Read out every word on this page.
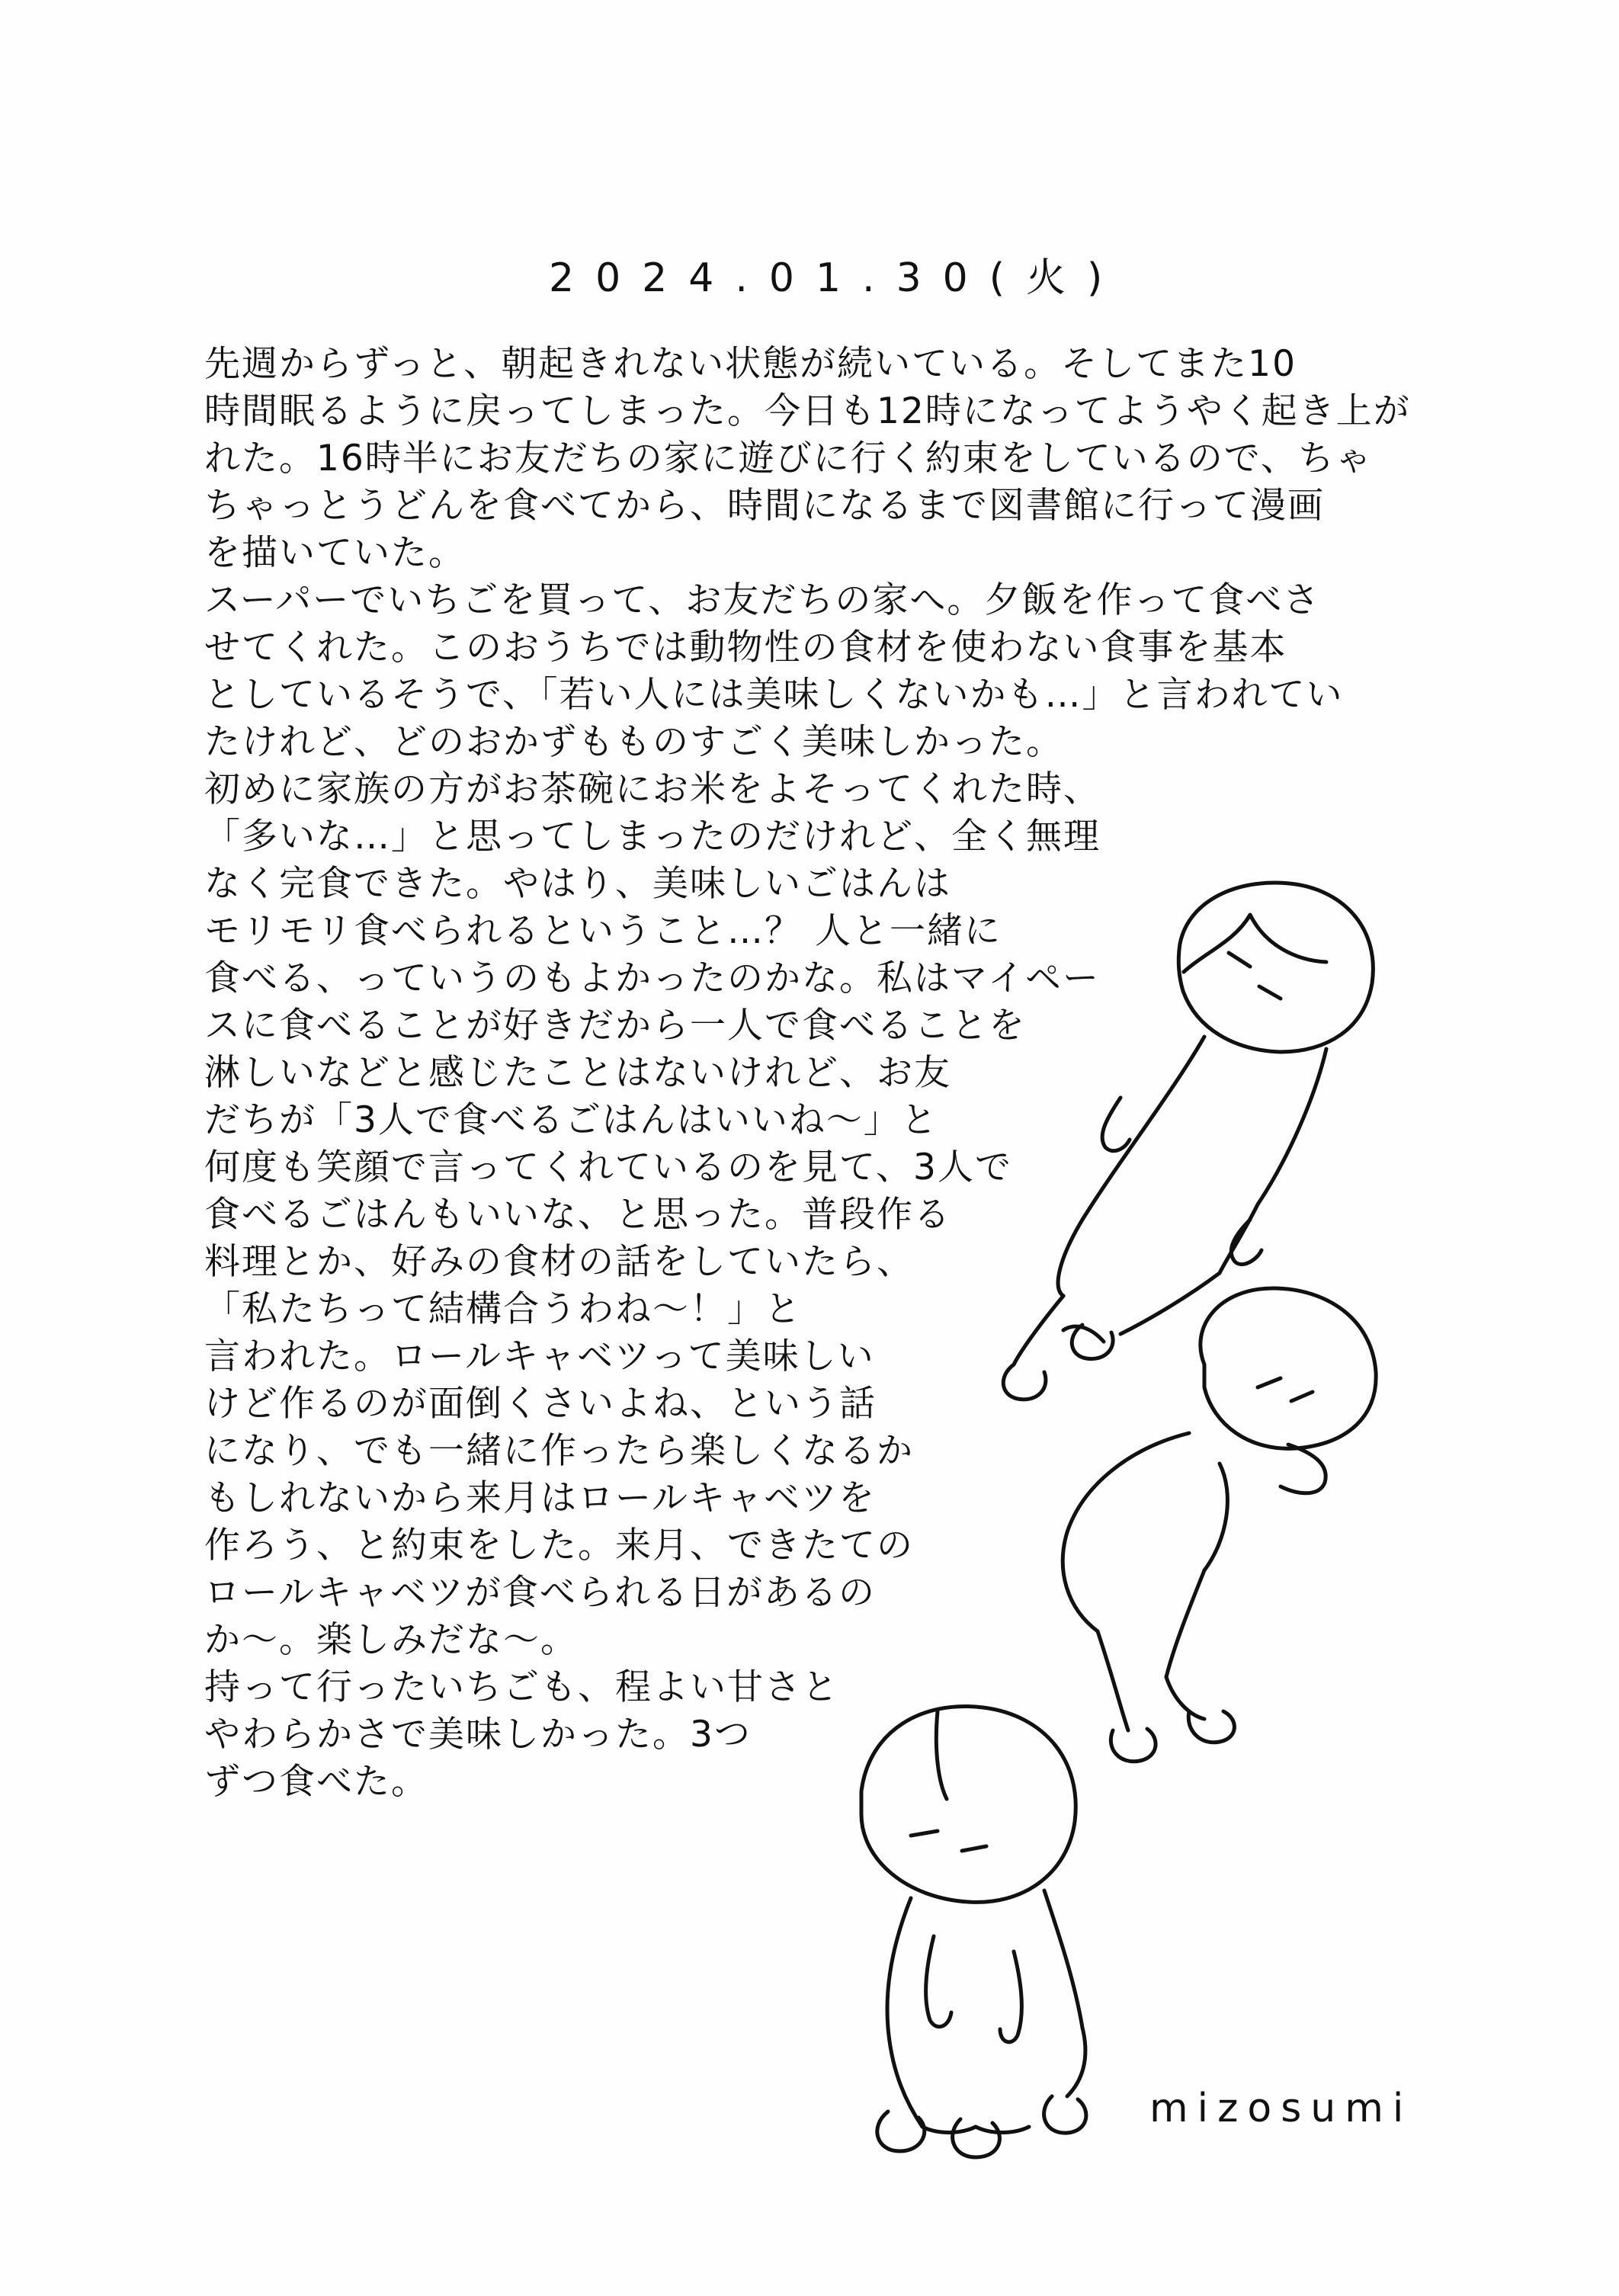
2024.01.30(火)
先週からずっと、朝起きれない状態が続いている。そしてまた10
時間眠るように戻ってしまった。今日も12時になってようやく起き上が
れた。16時半にお友だちの家に遊びに行く約束をしているので、ちゃ
ちゃっとうどんを食べてから、時間になるまで図書館に行って漫画
を描いていた。
スーパーでいちごを買って、お友だちの家へ。夕飯を作って食べさ
せてくれた。このおうちでは動物性の食材を使わない食事を基本
としているそうで、「若い人には美味しくないかも…」と言われてい
たけれど、どのおかずもものすごく美味しかった。
初めに家族の方がお茶碗にお米をよそってくれた時、
「多いな…」と思ってしまったのだけれど、全く無理
なく完食できた。やはり、美味しいごはんは
モリモリ食べられるということ…？ 人と一緒に
食べる、っていうのもよかったのかな。私はマイペー
スに食べることが好きだから一人で食べることを
淋しいなどと感じたことはないけれど、お友
だちが「3人で食べるごはんはいいね〜」と
何度も笑顔で言ってくれているのを見て、3人で
食べるごはんもいいな、と思った。普段作る
料理とか、好みの食材の話をしていたら、
「私たちって結構合うわね〜！」と
言われた。ロールキャベツって美味しい
けど作るのが面倒くさいよね、という話
になり、でも一緒に作ったら楽しくなるか
もしれないから来月はロールキャベツを
作ろう、と約束をした。来月、できたての
ロールキャベツが食べられる日があるの
か〜。楽しみだな〜。
持って行ったいちごも、程よい甘さと
やわらかさで美味しかった。3つ
ずつ食べた。
mizosumi
